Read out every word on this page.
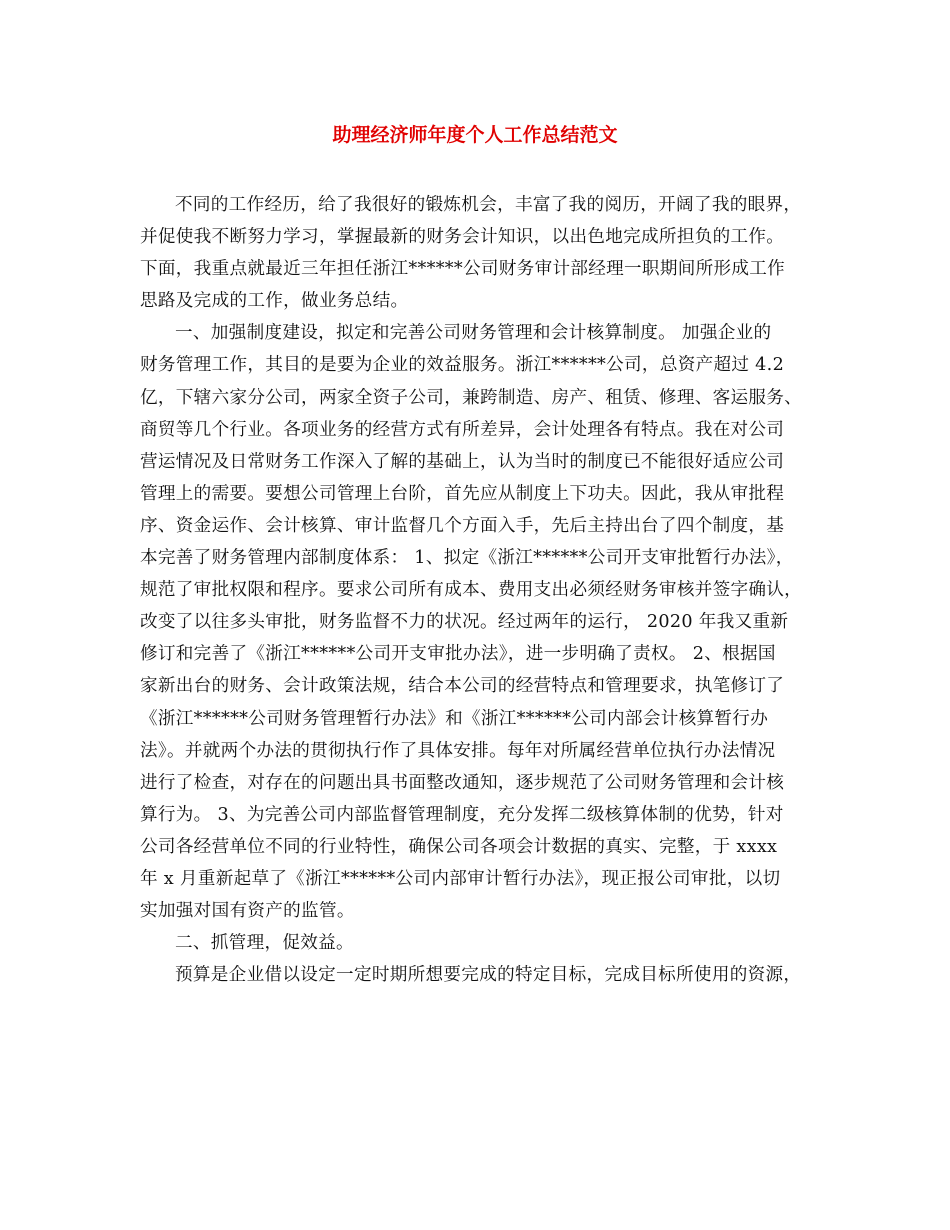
助理经济师年度个人工作总结范文
不同的工作经历，给了我很好的锻炼机会，丰富了我的阅历，开阔了我的眼界，
并促使我不断努力学习，掌握最新的财务会计知识，以出色地完成所担负的工作。
下面，我重点就最近三年担任浙江******公司财务审计部经理一职期间所形成工作
思路及完成的工作，做业务总结。
一、加强制度建设，拟定和完善公司财务管理和会计核算制度。 加强企业的
财务管理工作，其目的是要为企业的效益服务。浙江******公司，总资产超过 4.2
亿，下辖六家分公司，两家全资子公司，兼跨制造、房产、租赁、修理、客运服务、
商贸等几个行业。各项业务的经营方式有所差异，会计处理各有特点。我在对公司
营运情况及日常财务工作深入了解的基础上，认为当时的制度已不能很好适应公司
管理上的需要。要想公司管理上台阶，首先应从制度上下功夫。因此，我从审批程
序、资金运作、会计核算、审计监督几个方面入手，先后主持出台了四个制度，基
本完善了财务管理内部制度体系： 1、拟定《浙江******公司开支审批暂行办法》，
规范了审批权限和程序。要求公司所有成本、费用支出必须经财务审核并签字确认，
改变了以往多头审批，财务监督不力的状况。经过两年的运行， 2020 年我又重新
修订和完善了《浙江******公司开支审批办法》，进一步明确了责权。 2、根据国
家新出台的财务、会计政策法规，结合本公司的经营特点和管理要求，执笔修订了
《浙江******公司财务管理暂行办法》和《浙江******公司内部会计核算暂行办
法》。并就两个办法的贯彻执行作了具体安排。每年对所属经营单位执行办法情况
进行了检查，对存在的问题出具书面整改通知，逐步规范了公司财务管理和会计核
算行为。 3、为完善公司内部监督管理制度，充分发挥二级核算体制的优势，针对
公司各经营单位不同的行业特性，确保公司各项会计数据的真实、完整，于 xxxx
年 x 月重新起草了《浙江******公司内部审计暂行办法》，现正报公司审批，以切
实加强对国有资产的监管。
二、抓管理，促效益。
预算是企业借以设定一定时期所想要完成的特定目标，完成目标所使用的资源，
